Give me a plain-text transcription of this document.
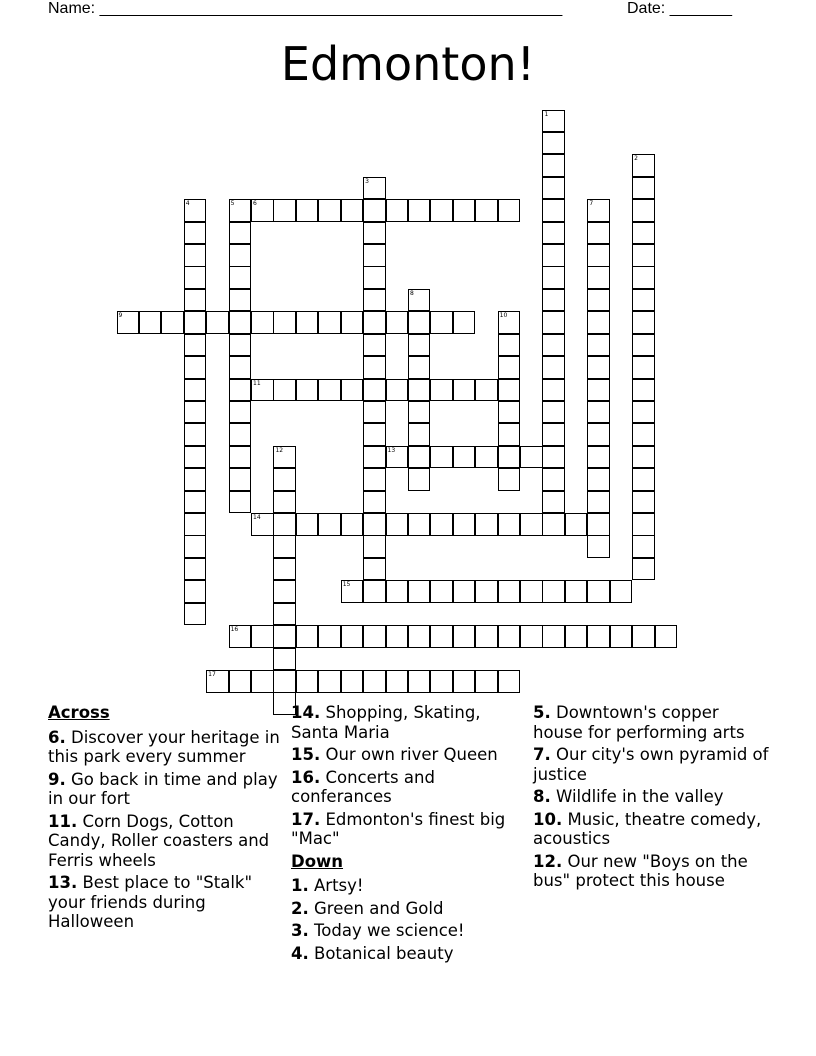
Name: ____________________________________________________	Date: _______
Edmonton!
1
2
3
4	5	6	7
8
9	10
11
12	13
14
15
16
17
Across
6. Discover your heritage in this park every summer
9. Go back in time and play in our fort
11. Corn Dogs, Cotton Candy, Roller coasters and Ferris wheels
13. Best place to "Stalk" your friends during Halloween
14. Shopping, Skating, Santa Maria
15. Our own river Queen
16. Concerts and conferances
17. Edmonton's finest big "Mac"
Down
1. Artsy!
2. Green and Gold
3. Today we science!
4. Botanical beauty
5. Downtown's copper house for performing arts
7. Our city's own pyramid of justice
8. Wildlife in the valley
10. Music, theatre comedy, acoustics
12. Our new "Boys on the bus" protect this house
